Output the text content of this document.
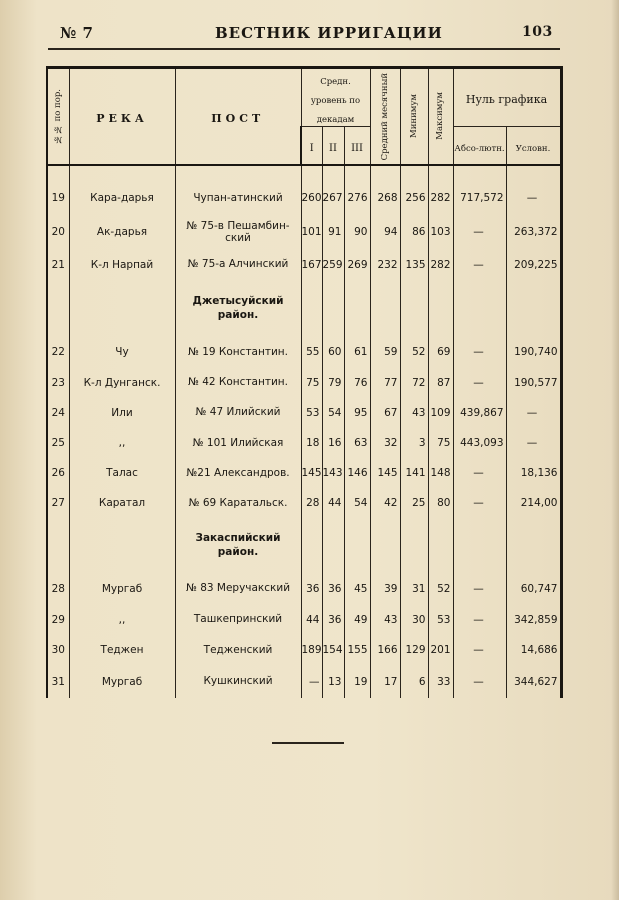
№ 7	ВЕСТНИК ИРРИГАЦИИ	103
№№ по пор.	РЕКА	ПОСТ	Средн. уровень по декадам			Средний месячный	Минимум	Максимум	Нуль графика	
			I	II	III				Абсо-лютн.	Условн.

19	Кара-дарья	Чупан-атинский	260	267	276	268	256	282	717,572	—
20	Ак-дарья	№ 75-в Пешамбин-ский	101	91	90	94	86	103	—	263,372
21	К-л Нарпай	№ 75-а Алчинский	167	259	269	232	135	282	—	209,225
		Джетысуйский район.								
22	Чу	№ 19 Константин.	55	60	61	59	52	69	—	190,740
23	К-л Дунганск.	№ 42 Константин.	75	79	76	77	72	87	—	190,577
24	Или	№ 47 Илийский	53	54	95	67	43	109	439,867	—
25	,,	№ 101 Илийская	18	16	63	32	3	75	443,093	—
26	Талас	№21 Александров.	145	143	146	145	141	148	—	18,136
27	Каратал	№ 69 Каратальск.	28	44	54	42	25	80	—	214,00
		Закаспийский район.								
28	Мургаб	№ 83 Меручакский	36	36	45	39	31	52	—	60,747
29	,,	Ташкепринский	44	36	49	43	30	53	—	342,859
30	Теджен	Тедженский	189	154	155	166	129	201	—	14,686
31	Мургаб	Кушкинский	—	13	19	17	6	33	—	344,627
